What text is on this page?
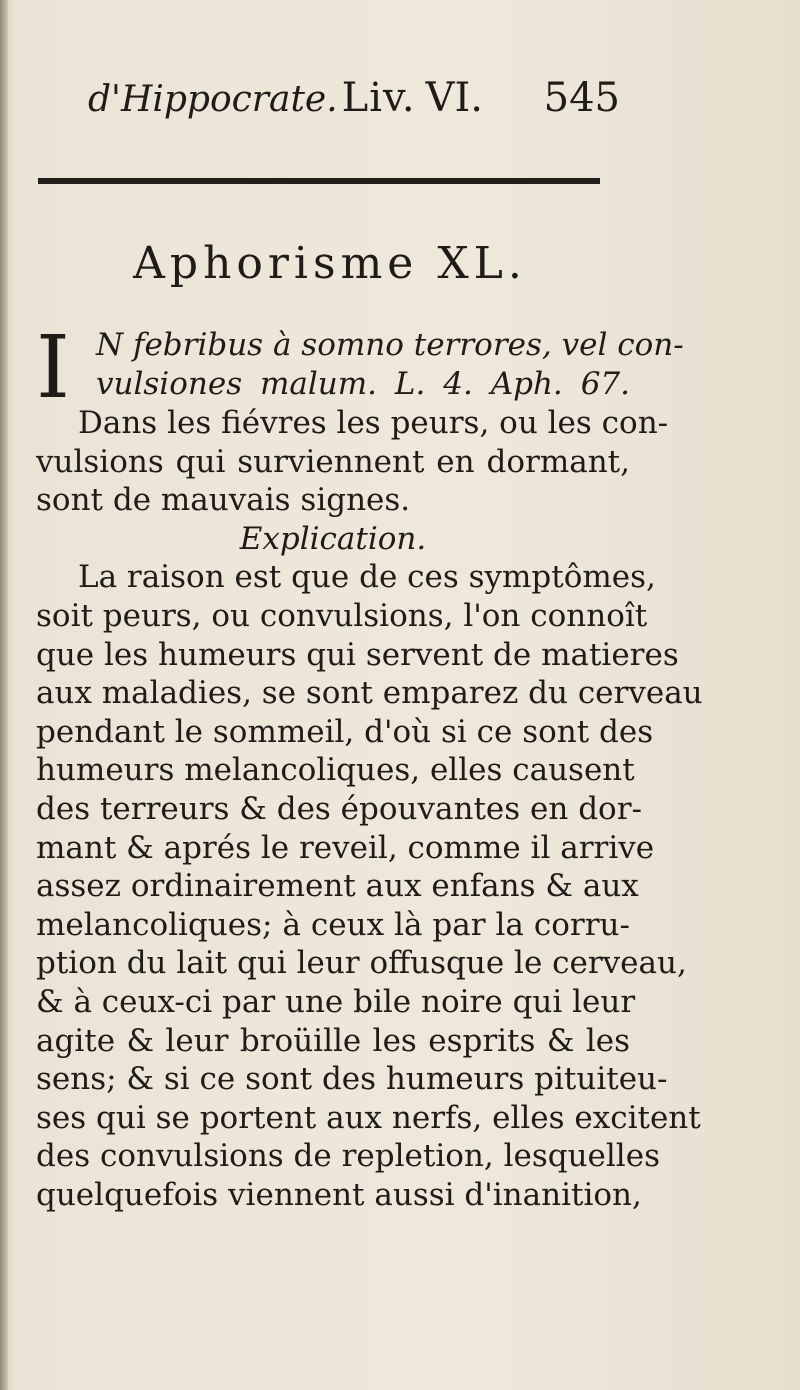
d'Hippocrate. Liv. VI. 545
Aphorisme XL.
I N febribus à somno terrores, vel con-
vulsiones malum. L. 4. Aph. 67.
Dans les fiévres les peurs, ou les con-
vulsions qui surviennent en dormant,
sont de mauvais signes.
Explication.
La raison est que de ces symptômes,
soit peurs, ou convulsions, l'on connoît
que les humeurs qui servent de matieres
aux maladies, se sont emparez du cerveau
pendant le sommeil, d'où si ce sont des
humeurs melancoliques, elles causent
des terreurs & des épouvantes en dor-
mant & aprés le reveil, comme il arrive
assez ordinairement aux enfans & aux
melancoliques; à ceux là par la corru-
ption du lait qui leur offusque le cerveau,
& à ceux-ci par une bile noire qui leur
agite & leur broüille les esprits & les
sens; & si ce sont des humeurs pituiteu-
ses qui se portent aux nerfs, elles excitent
des convulsions de repletion, lesquelles
quelquefois viennent aussi d'inanition,
